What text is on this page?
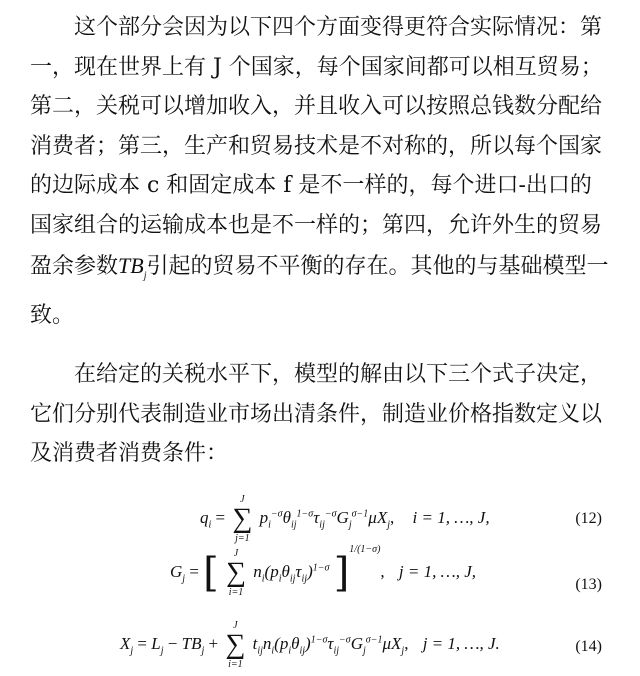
这个部分会因为以下四个方面变得更符合实际情况：第一，现在世界上有 J 个国家，每个国家间都可以相互贸易；第二，关税可以增加收入，并且收入可以按照总钱数分配给消费者；第三，生产和贸易技术是不对称的，所以每个国家的边际成本 c 和固定成本 f 是不一样的，每个进口-出口的国家组合的运输成本也是不一样的；第四，允许外生的贸易盈余参数$TB_j$引起的贸易不平衡的存在。其他的与基础模型一致。

在给定的关税水平下，模型的解由以下三个式子决定，它们分别代表制造业市场出清条件，制造业价格指数定义以及消费者消费条件：

$q_i$ =
J
∑
j=1
$p_i^{-\sigma}\theta_{ij}^{1-\sigma}\tau_{ij}^{-\sigma}G_j^{\sigma-1}\mu X_j$, i = 1, …, J,	(12)
$G_j$ = [	J
∑
i=1
$n_i(p_i\theta_{ij}\tau_{ij})^{1-\sigma}$ ]$^{1/(1-\sigma)}$, j = 1, …, J,
(13)
$X_j = L_j - TB_j$ +
J
∑
i=1
$t_{ij}n_i(p_i\theta_{ij})^{1-\sigma}\tau_{ij}^{-\sigma}G_j^{\sigma-1}\mu X_j$, j = 1, …, J.	(14)
